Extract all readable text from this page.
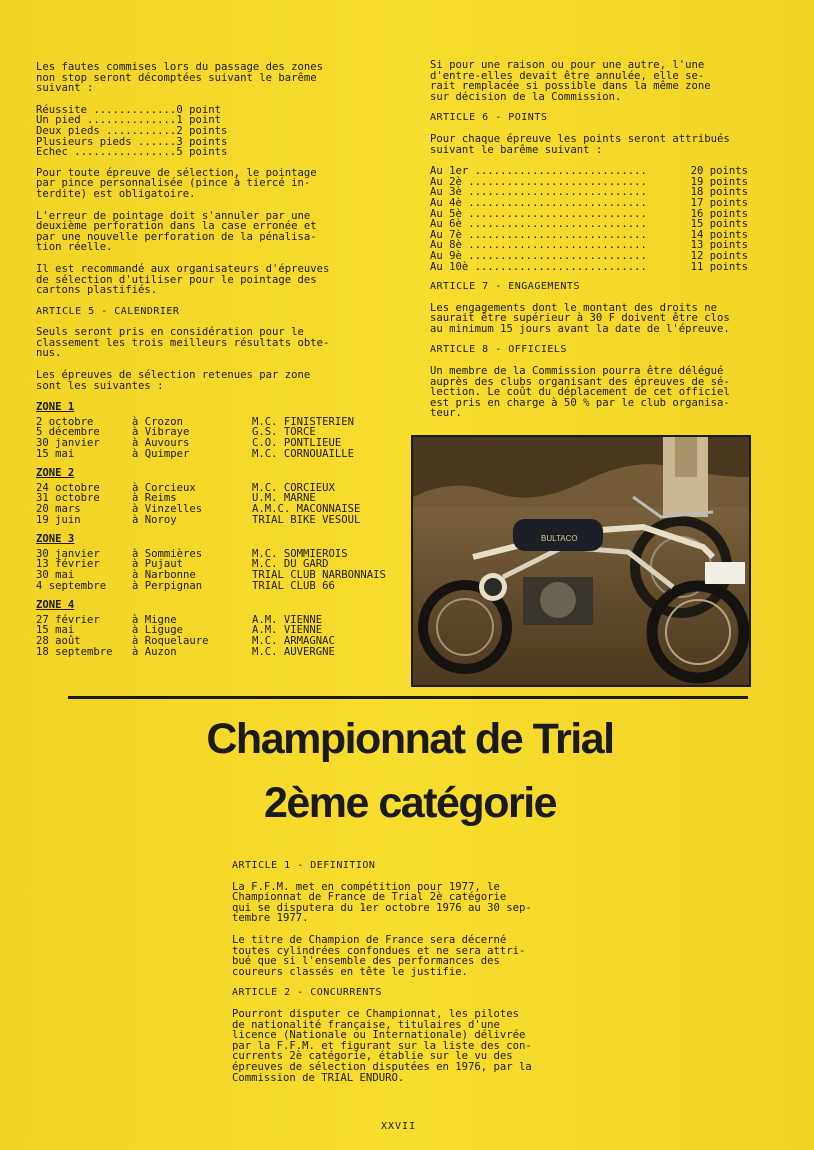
Les fautes commises lors du passage des zones
non stop seront décomptées suivant le barême
suivant :

Réussite ............. 0 point
Un pied .............. 1 point
Deux pieds ........... 2 points
Plusieurs pieds ...... 3 points
Echec ................ 5 points

Pour toute épreuve de sélection, le pointage
par pince personnalisée (pince à tiercé in-
terdite) est obligatoire.

L'erreur de pointage doit s'annuler par une
deuxième perforation dans la case erronée et
par une nouvelle perforation de la pénalisa-
tion réelle.

Il est recommandé aux organisateurs d'épreuves
de sélection d'utiliser pour le pointage des
cartons plastifiés.

ARTICLE 5 - CALENDRIER

Seuls seront pris en considération pour le
classement les trois meilleurs résultats obte-
nus.

Les épreuves de sélection retenues par zone
sont les suivantes :

ZONE 1
2 octobre	à Crozon	M.C. FINISTERIEN
5 décembre	à Vibraye	G.S. TORCE
30 janvier	à Auvours	C.O. PONTLIEUE
15 mai	à Quimper	M.C. CORNOUAILLE
ZONE 2
24 octobre	à Corcieux	M.C. CORCIEUX
31 octobre	à Reims	U.M. MARNE
20 mars	à Vinzelles	A.M.C. MACONNAISE
19 juin	à Noroy	TRIAL BIKE VESOUL
ZONE 3
30 janvier	à Sommières	M.C. SOMMIEROIS
13 février	à Pujaut	M.C. DU GARD
30 mai	à Narbonne	TRIAL CLUB NARBONNAIS
4 septembre	à Perpignan	TRIAL CLUB 66
ZONE 4
27 février	à Migne	A.M. VIENNE
15 mai	à Liguge	A.M. VIENNE
28 août	à Roquelaure	M.C. ARMAGNAC
18 septembre	à Auzon	M.C. AUVERGNE

Si pour une raison ou pour une autre, l'une
d'entre-elles devait être annulée, elle se-
rait remplacée si possible dans la même zone
sur décision de la Commission.

ARTICLE 6 - POINTS

Pour chaque épreuve les points seront attribués
suivant le barême suivant :

Au 1er ...........................	20 points
Au 2è ............................	19 points
Au 3è ............................	18 points
Au 4è ............................	17 points
Au 5è ............................	16 points
Au 6è ............................	15 points
Au 7è ............................	14 points
Au 8è ............................	13 points
Au 9è ............................	12 points
Au 10è ...........................	11 points
ARTICLE 7 - ENGAGEMENTS

Les engagements dont le montant des droits ne
saurait être supérieur à 30 F doivent être clos
au minimum 15 jours avant la date de l'épreuve.

ARTICLE 8 - OFFICIELS

Un membre de la Commission pourra être délégué
auprès des clubs organisant des épreuves de sé-
lection. Le coût du déplacement de cet officiel
est pris en charge à 50 % par le club organisa-
teur.

BULTACO
Championnat de Trial
2ème catégorie
ARTICLE 1 - DEFINITION

La F.F.M. met en compétition pour 1977, le
Championnat de France de Trial 2è catégorie
qui se disputera du 1er octobre 1976 au 30 sep-
tembre 1977.

Le titre de Champion de France sera décerné
toutes cylindrées confondues et ne sera attri-
bué que si l'ensemble des performances des
coureurs classés en tête le justifie.

ARTICLE 2 - CONCURRENTS

Pourront disputer ce Championnat, les pilotes
de nationalité française, titulaires d'une
licence (Nationale ou Internationale) délivrée
par la F.F.M. et figurant sur la liste des con-
currents 2è catégorie, établie sur le vu des
épreuves de sélection disputées en 1976, par la
Commission de TRIAL ENDURO.

XXVII
